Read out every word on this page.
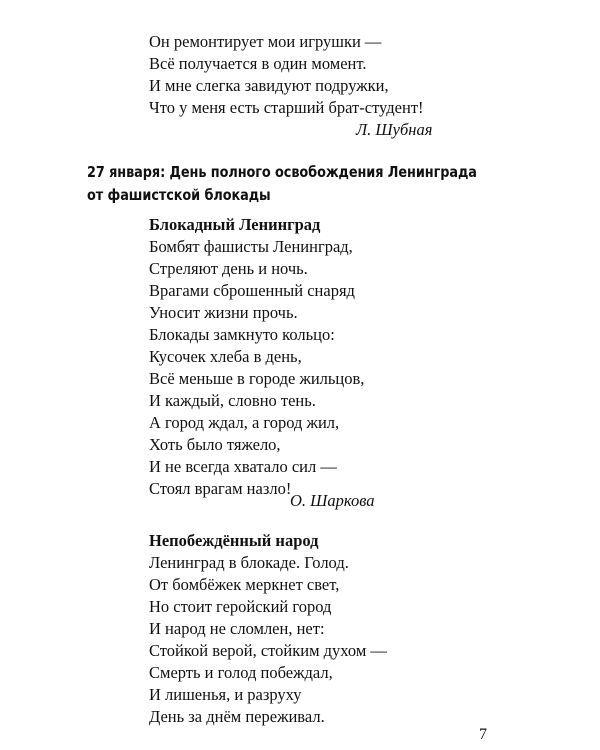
Он ремонтирует мои игрушки —
Всё получается в один момент.
И мне слегка завидуют подружки,
Что у меня есть старший брат-студент!
Л. Шубная
27 января: День полного освобождения Ленинграда
от фашистской блокады
Блокадный Ленинград
Бомбят фашисты Ленинград,
Стреляют день и ночь.
Врагами сброшенный снаряд
Уносит жизни прочь.
Блокады замкнуто кольцо:
Кусочек хлеба в день,
Всё меньше в городе жильцов,
И каждый, словно тень.
А город ждал, а город жил,
Хоть было тяжело,
И не всегда хватало сил —
Стоял врагам назло!
О. Шаркова
Непобеждённый народ
Ленинград в блокаде. Голод.
От бомбёжек меркнет свет,
Но стоит геройский город
И народ не сломлен, нет:
Стойкой верой, стойким духом —
Смерть и голод побеждал,
И лишенья, и разруху
День за днём переживал.
7
